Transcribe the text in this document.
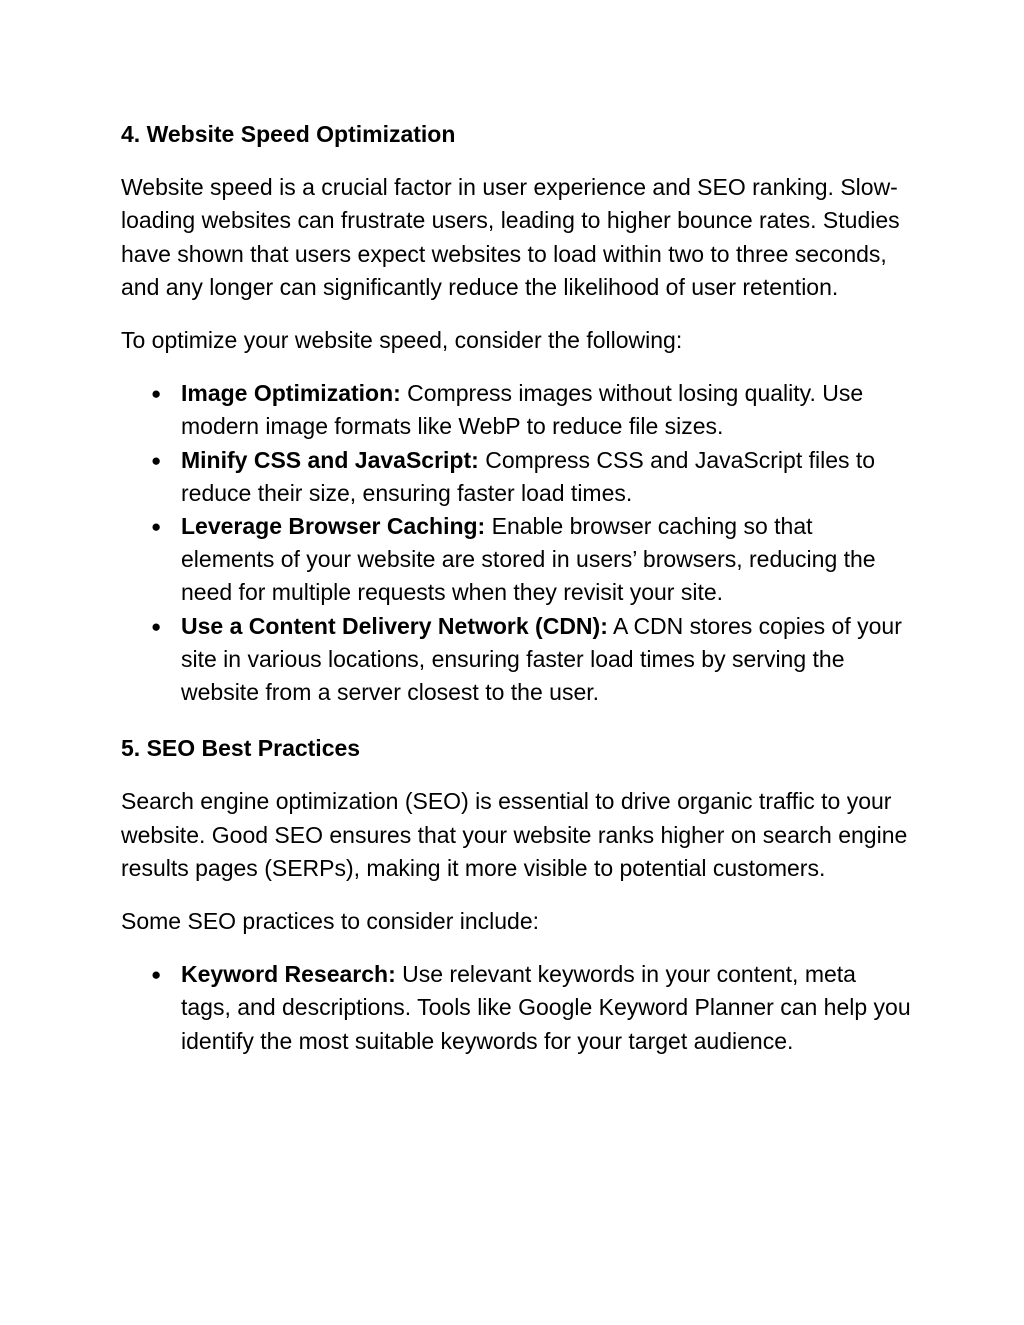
4. Website Speed Optimization

Website speed is a crucial factor in user experience and SEO ranking. Slow-loading websites can frustrate users, leading to higher bounce rates. Studies have shown that users expect websites to load within two to three seconds, and any longer can significantly reduce the likelihood of user retention.

To optimize your website speed, consider the following:

● Image Optimization: Compress images without losing quality. Use modern image formats like WebP to reduce file sizes.
● Minify CSS and JavaScript: Compress CSS and JavaScript files to reduce their size, ensuring faster load times.
● Leverage Browser Caching: Enable browser caching so that elements of your website are stored in users’ browsers, reducing the need for multiple requests when they revisit your site.
● Use a Content Delivery Network (CDN): A CDN stores copies of your site in various locations, ensuring faster load times by serving the website from a server closest to the user.
5. SEO Best Practices

Search engine optimization (SEO) is essential to drive organic traffic to your website. Good SEO ensures that your website ranks higher on search engine results pages (SERPs), making it more visible to potential customers.

Some SEO practices to consider include:

● Keyword Research: Use relevant keywords in your content, meta tags, and descriptions. Tools like Google Keyword Planner can help you identify the most suitable keywords for your target audience.
